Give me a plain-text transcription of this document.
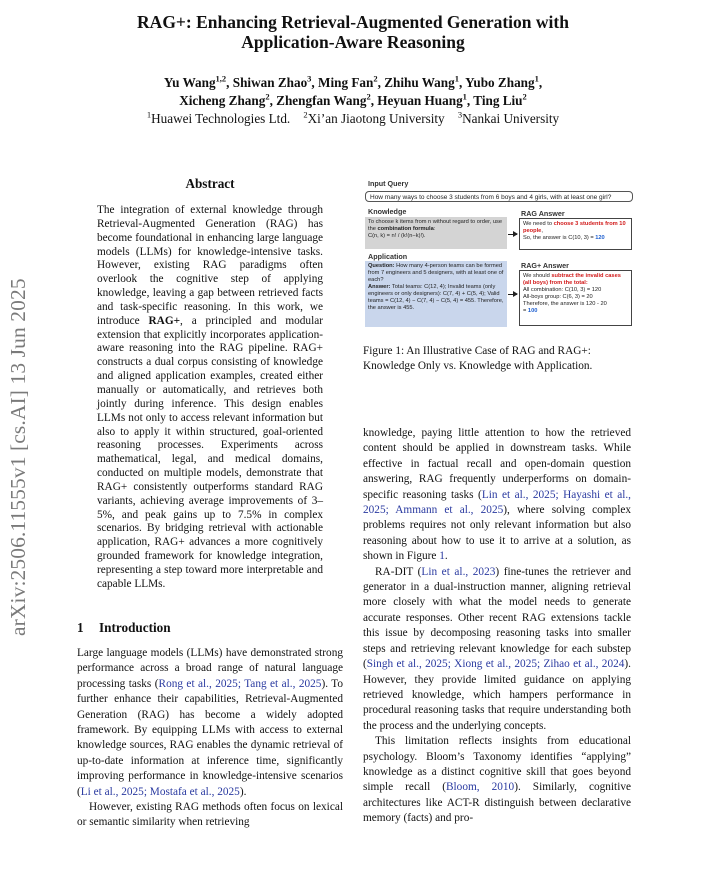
RAG+: Enhancing Retrieval-Augmented Generation with
Application-Aware Reasoning
Yu Wang$^{1,2}$, Shiwan Zhao$^3$, Ming Fan$^2$, Zhihu Wang$^1$, Yubo Zhang$^1$,
Xicheng Zhang$^2$, Zhengfan Wang$^2$, Heyuan Huang$^1$, Ting Liu$^2$
$^1$Huawei Technologies Ltd. $^2$Xi’an Jiaotong University $^3$Nankai University
arXiv:2506.11555v1 [cs.AI] 13 Jun 2025
Abstract
The integration of external knowledge through Retrieval-Augmented Generation (RAG) has become foundational in enhancing large language models (LLMs) for knowledge-intensive tasks. However, existing RAG paradigms often overlook the cognitive step of applying knowledge, leaving a gap between retrieved facts and task-specific reasoning. In this work, we introduce RAG+, a principled and modular extension that explicitly incorporates application-aware reasoning into the RAG pipeline. RAG+ constructs a dual corpus consisting of knowledge and aligned application examples, created either manually or automatically, and retrieves both jointly during inference. This design enables LLMs not only to access relevant information but also to apply it within structured, goal-oriented reasoning processes. Experiments across mathematical, legal, and medical domains, conducted on multiple models, demonstrate that RAG+ consistently outperforms standard RAG variants, achieving average improvements of 3–5%, and peak gains up to 7.5% in complex scenarios. By bridging retrieval with actionable application, RAG+ advances a more cognitively grounded framework for knowledge integration, representing a step toward more interpretable and capable LLMs.
1 Introduction

Large language models (LLMs) have demonstrated strong performance across a broad range of natural language processing tasks (Rong et al., 2025; Tang et al., 2025). To further enhance their capabilities, Retrieval-Augmented Generation (RAG) has become a widely adopted framework. By equipping LLMs with access to external knowledge sources, RAG enables the dynamic retrieval of up-to-date information at inference time, significantly improving performance in knowledge-intensive scenarios (Li et al., 2025; Mostafa et al., 2025).

However, existing RAG methods often focus on lexical or semantic similarity when retrieving

Input Query
How many ways to choose 3 students from 6 boys and 4 girls, with at least one girl?
Knowledge
To choose k items from n without regard to order, use the combination formula:
C(n, k) = n! / (k!(n−k)!).
RAG Answer
We need to choose 3 students from 10 people,
So, the answer is C(10, 3) = 120
Application
Question: How many 4-person teams can be formed from 7 engineers and 5 designers, with at least one of each?
Answer: Total teams: C(12, 4); Invalid teams (only engineers or only designers): C(7, 4) + C(5, 4); Valid teams = C(12, 4) − C(7, 4) − C(5, 4) = 455. Therefore, the answer is 455.
RAG+ Answer
We should subtract the invalid cases (all boys) from the total:
All combination: C(10, 3) = 120
All-boys group: C(6, 3) = 20
Therefore, the answer is 120 - 20
= 100
Figure 1: An Illustrative Case of RAG and RAG+: Knowledge Only vs. Knowledge with Application.

knowledge, paying little attention to how the retrieved content should be applied in downstream tasks. While effective in factual recall and open-domain question answering, RAG frequently underperforms on domain-specific reasoning tasks (Lin et al., 2025; Hayashi et al., 2025; Ammann et al., 2025), where solving complex problems requires not only relevant information but also reasoning about how to use it to arrive at a solution, as shown in Figure 1.

RA-DIT (Lin et al., 2023) fine-tunes the retriever and generator in a dual-instruction manner, aligning retrieval more closely with what the model needs to generate accurate responses. Other recent RAG extensions tackle this issue by decomposing reasoning tasks into smaller steps and retrieving relevant knowledge for each substep (Singh et al., 2025; Xiong et al., 2025; Zihao et al., 2024). However, they provide limited guidance on applying retrieved knowledge, which hampers performance in procedural reasoning tasks that require understanding both the process and the underlying concepts.

This limitation reflects insights from educational psychology. Bloom’s Taxonomy identifies “applying” knowledge as a distinct cognitive skill that goes beyond simple recall (Bloom, 2010). Similarly, cognitive architectures like ACT-R distinguish between declarative memory (facts) and pro-
